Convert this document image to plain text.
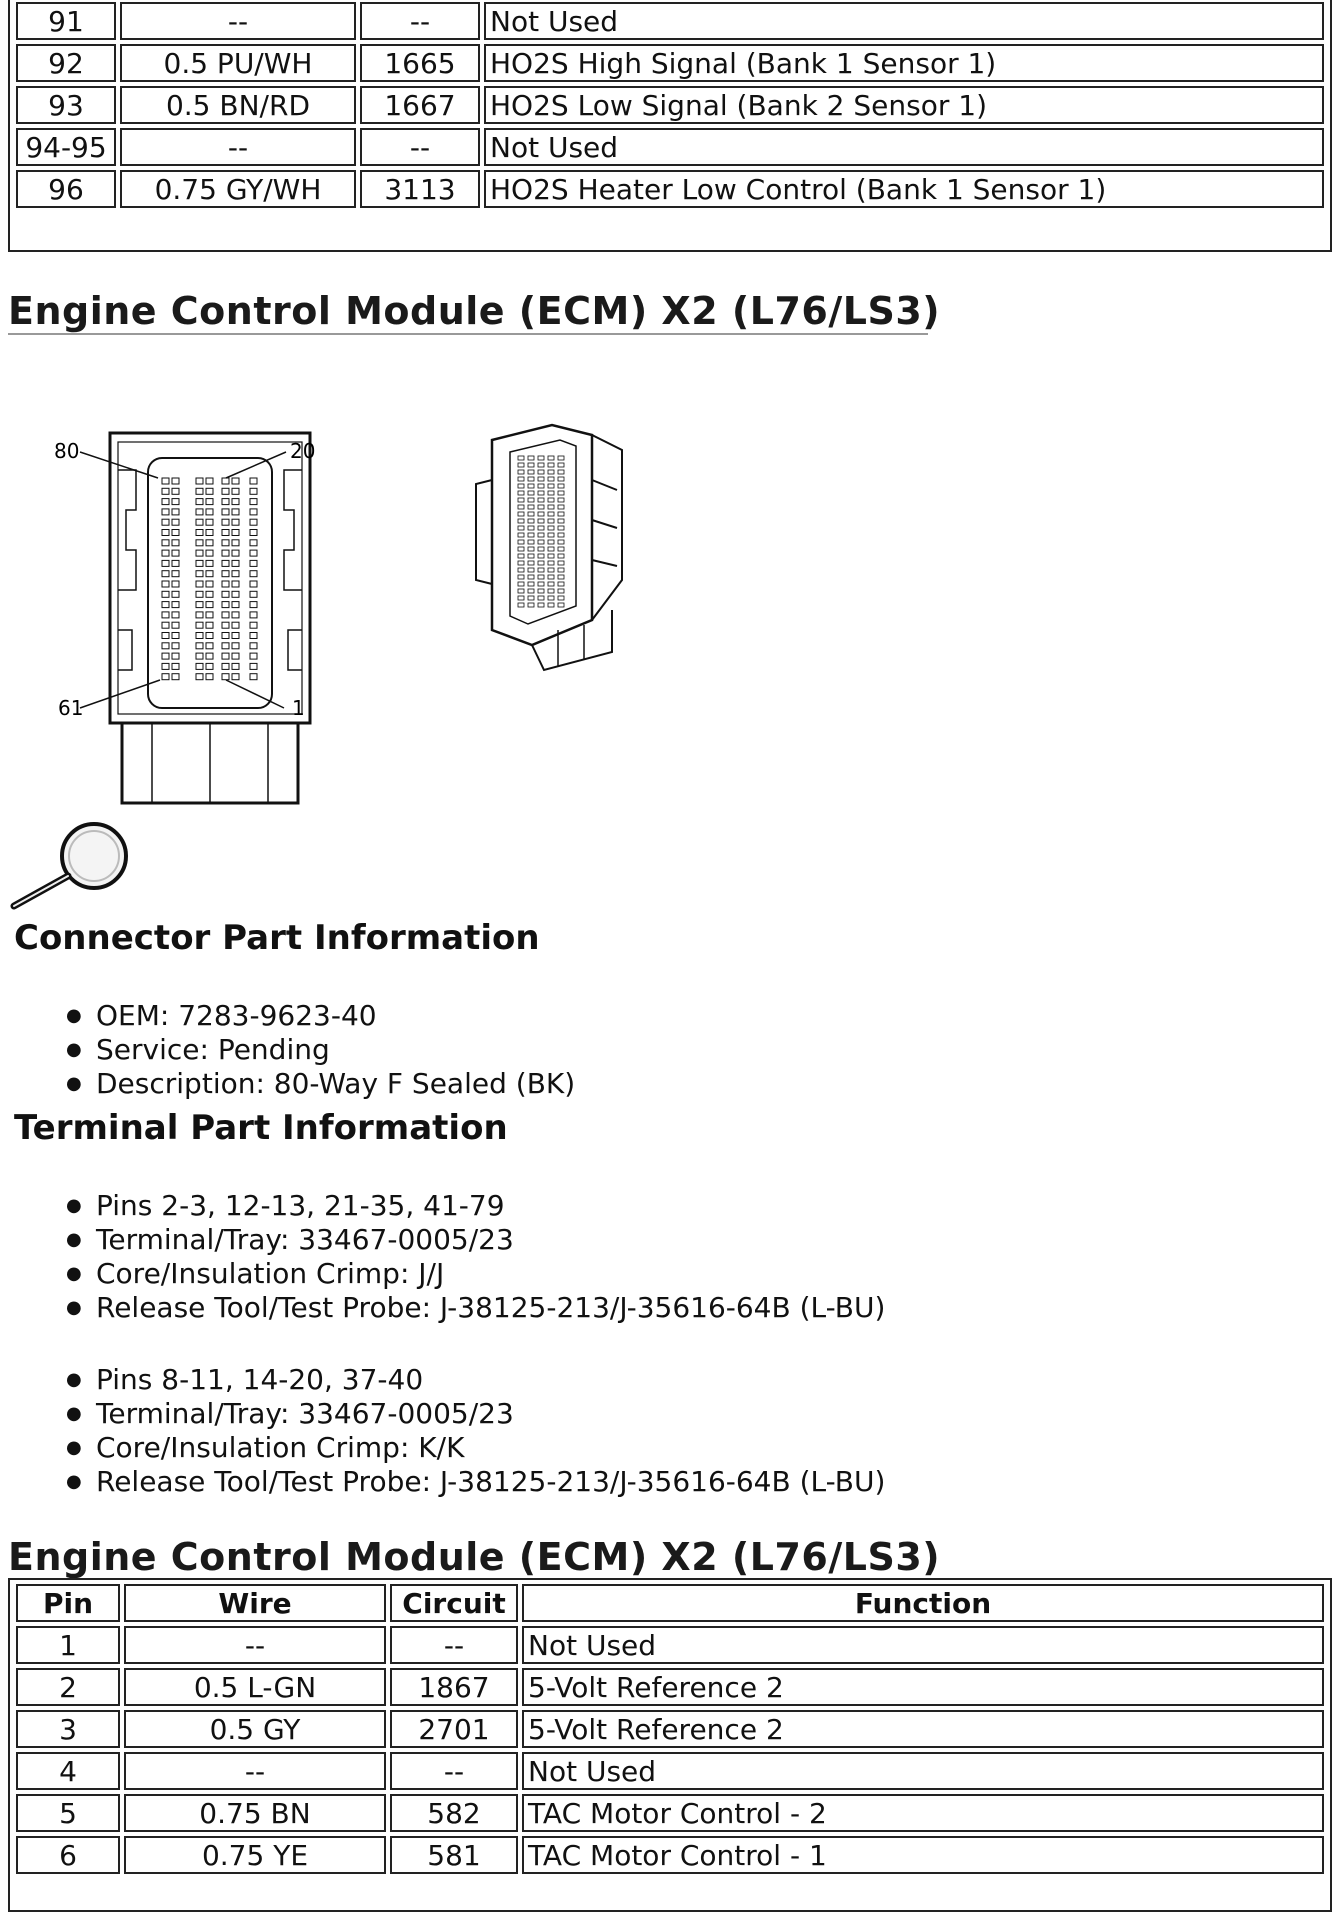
91	--	--	Not Used
92	0.5 PU/WH	1665	HO2S High Signal (Bank 1 Sensor 1)
93	0.5 BN/RD	1667	HO2S Low Signal (Bank 2 Sensor 1)
94-95	--	--	Not Used
96	0.75 GY/WH	3113	HO2S Heater Low Control (Bank 1 Sensor 1)
Engine Control Module (ECM) X2 (L76/LS3)
80	20
61	1
Connector Part Information
● OEM: 7283-9623-40
● Service: Pending
● Description: 80-Way F Sealed (BK)
Terminal Part Information
● Pins 2-3, 12-13, 21-35, 41-79
● Terminal/Tray: 33467-0005/23
● Core/Insulation Crimp: J/J
● Release Tool/Test Probe: J-38125-213/J-35616-64B (L-BU)
● Pins 8-11, 14-20, 37-40
● Terminal/Tray: 33467-0005/23
● Core/Insulation Crimp: K/K
● Release Tool/Test Probe: J-38125-213/J-35616-64B (L-BU)
Engine Control Module (ECM) X2 (L76/LS3)
Pin	Wire	Circuit	Function
1	--	--	Not Used
2	0.5 L-GN	1867	5-Volt Reference 2
3	0.5 GY	2701	5-Volt Reference 2
4	--	--	Not Used
5	0.75 BN	582	TAC Motor Control - 2
6	0.75 YE	581	TAC Motor Control - 1
